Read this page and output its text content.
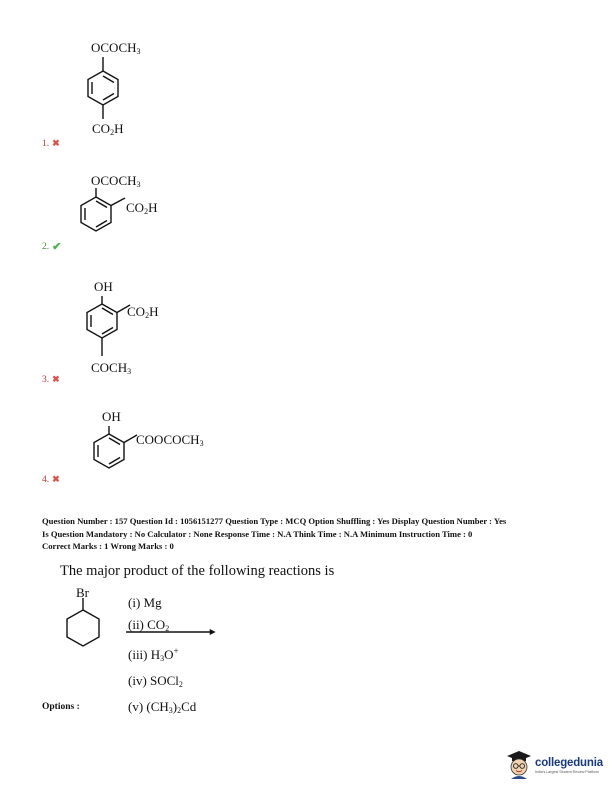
$OCOCH_3$
$CO_2H$
1. ✖
$OCOCH_3$
$CO_2H$
2. ✔
OH
$CO_2H$
$COCH_3$
3. ✖
OH
$COOCOCH_3$
4. ✖
Question Number : 157 Question Id : 1056151277 Question Type : MCQ Option Shuffling : Yes Display Question Number : Yes
Is Question Mandatory : No Calculator : None Response Time : N.A Think Time : N.A Minimum Instruction Time : 0
Correct Marks : 1 Wrong Marks : 0
The major product of the following reactions is
Br
(i) Mg
(ii) $CO_2$
(iii) $H_3O^+$
(iv) SOCl$_2$
(v) $(CH_3)_2Cd$
Options :
collegedunia
India's Largest Student Review Platform
